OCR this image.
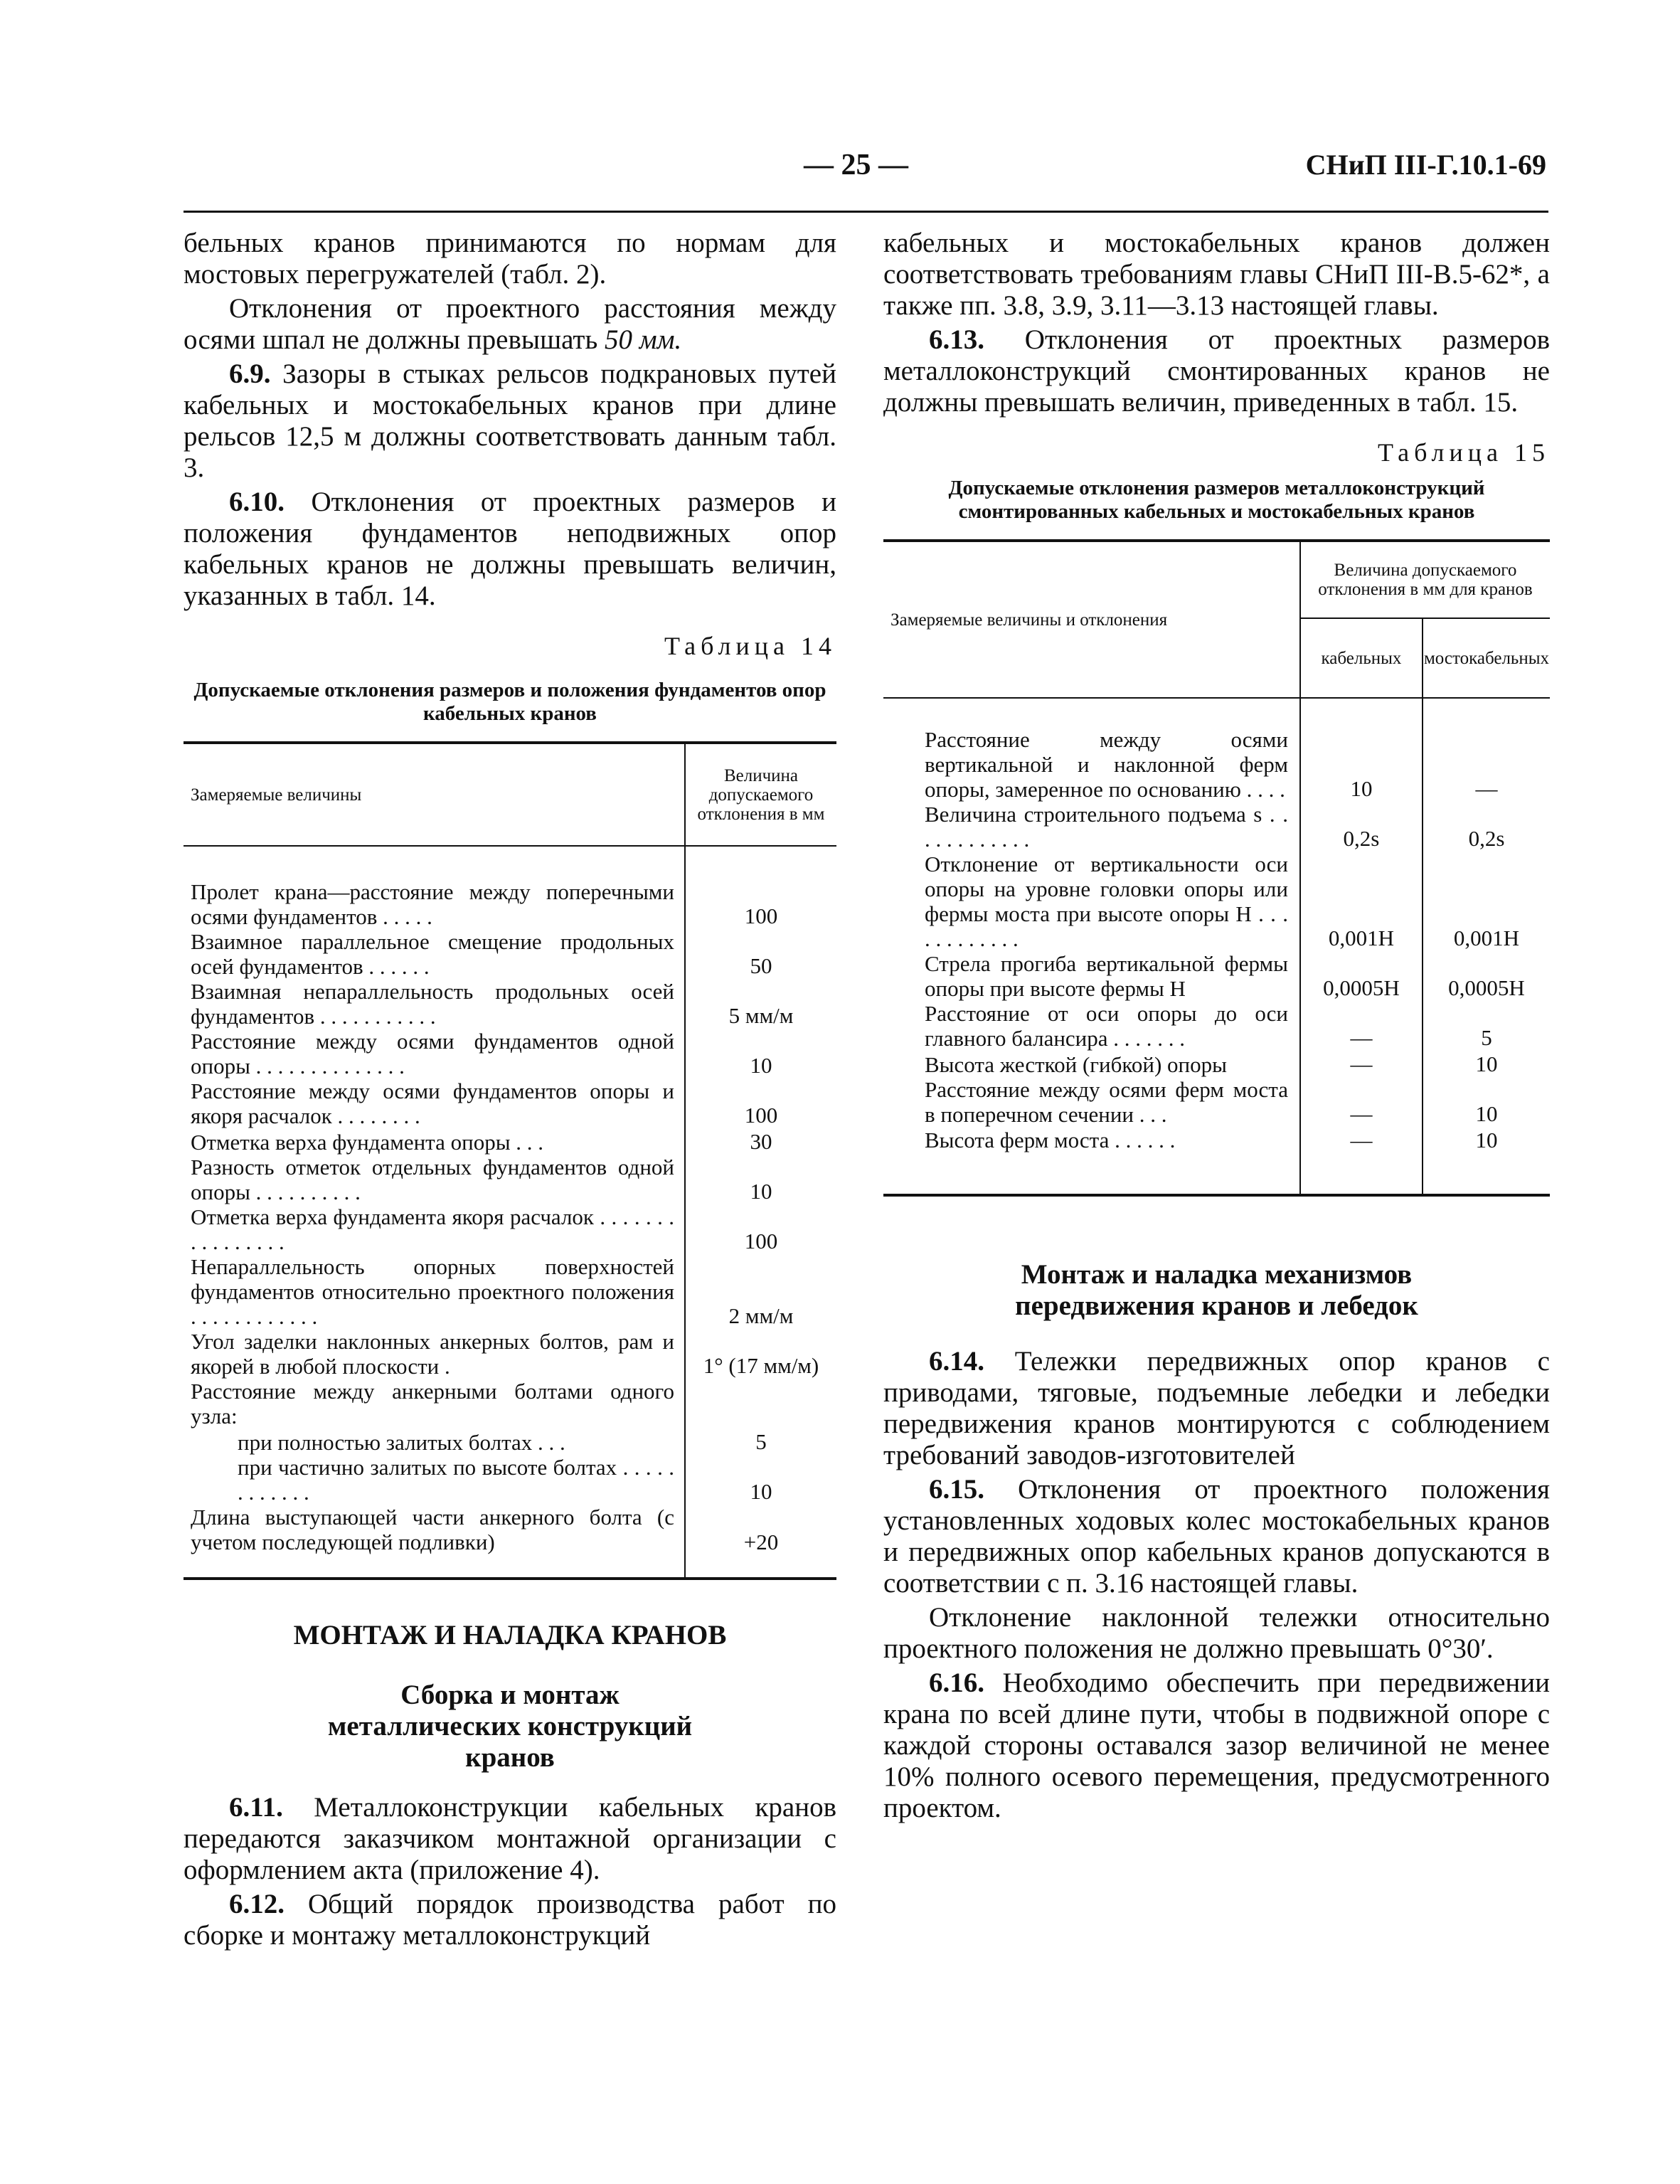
— 25 —	СНиП III-Г.10.1-69

бельных кранов принимаются по нормам для мостовых перегружателей (табл. 2).

Отклонения от проектного расстояния между осями шпал не должны превышать 50 мм.

6.9. Зазоры в стыках рельсов подкрановых путей кабельных и мостокабельных кранов при длине рельсов 12,5 м должны соответствовать данным табл. 3.

6.10. Отклонения от проектных размеров и положения фундаментов неподвижных опор кабельных кранов не должны превышать величин, указанных в табл. 14.

Таблица 14

Допускаемые отклонения размеров и положения фундаментов опор кабельных кранов

Замеряемые величины	Величина допускаемого отклонения в мм
Пролет крана—расстояние между поперечными осями фундаментов . . . . .	100
Взаимное параллельное смещение продольных осей фундаментов . . . . . .	50
Взаимная непараллельность продольных осей фундаментов . . . . . . . . . . .	5 мм/м
Расстояние между осями фундаментов одной опоры . . . . . . . . . . . . . .	10
Расстояние между осями фундаментов опоры и якоря расчалок . . . . . . . .	100
Отметка верха фундамента опоры . . .	30
Разность отметок отдельных фундаментов одной опоры . . . . . . . . . .	10
Отметка верха фундамента якоря расчалок . . . . . . . . . . . . . . . .	100
Непараллельность опорных поверхностей фундаментов относительно проектного положения . . . . . . . . . . . .	2 мм/м
Угол заделки наклонных анкерных болтов, рам и якорей в любой плоскости .	1° (17 мм/м)
Расстояние между анкерными болтами одного узла:	
при полностью залитых болтах . . .	5
при частично залитых по высоте болтах . . . . . . . . . . . .	10
Длина выступающей части анкерного болта (с учетом последующей подливки)	+20

МОНТАЖ И НАЛАДКА КРАНОВ

Сборка и монтаж металлических конструкций кранов

6.11. Металлоконструкции кабельных кранов передаются заказчиком монтажной организации с оформлением акта (приложение 4).

6.12. Общий порядок производства работ по сборке и монтажу металлоконструкций

кабельных и мостокабельных кранов должен соответствовать требованиям главы СНиП III-В.5-62*, а также пп. 3.8, 3.9, 3.11—3.13 настоящей главы.

6.13. Отклонения от проектных размеров металлоконструкций смонтированных кранов не должны превышать величин, приведенных в табл. 15.

Таблица 15

Допускаемые отклонения размеров металлоконструкций смонтированных кабельных и мостокабельных кранов

Замеряемые величины и отклонения	Величина допускаемого отклонения в мм для кранов	
	кабельных	мостокабельных
Расстояние между осями вертикальной и наклонной ферм опоры, замеренное по основанию . . . .	10	—
Величина строительного подъема s . . . . . . . . . . . .	0,2s	0,2s
Отклонение от вертикальности оси опоры на уровне головки опоры или фермы моста при высоте опоры H . . . . . . . . . . . .	0,001H	0,001H
Стрела прогиба вертикальной фермы опоры при высоте фермы H	0,0005H	0,0005H
Расстояние от оси опоры до оси главного балансира . . . . . . .	—	5
Высота жесткой (гибкой) опоры	—	10
Расстояние между осями ферм моста в поперечном сечении . . .	—	10
Высота ферм моста . . . . . .	—	10

Монтаж и наладка механизмов передвижения кранов и лебедок

6.14. Тележки передвижных опор кранов с приводами, тяговые, подъемные лебедки и лебедки передвижения кранов монтируются с соблюдением требований заводов-изготовителей

6.15. Отклонения от проектного положения установленных ходовых колес мостокабельных кранов и передвижных опор кабельных кранов допускаются в соответствии с п. 3.16 настоящей главы.

Отклонение наклонной тележки относительно проектного положения не должно превышать 0°30′.

6.16. Необходимо обеспечить при передвижении крана по всей длине пути, чтобы в подвижной опоре с каждой стороны оставался зазор величиной не менее 10% полного осевого перемещения, предусмотренного проектом.
